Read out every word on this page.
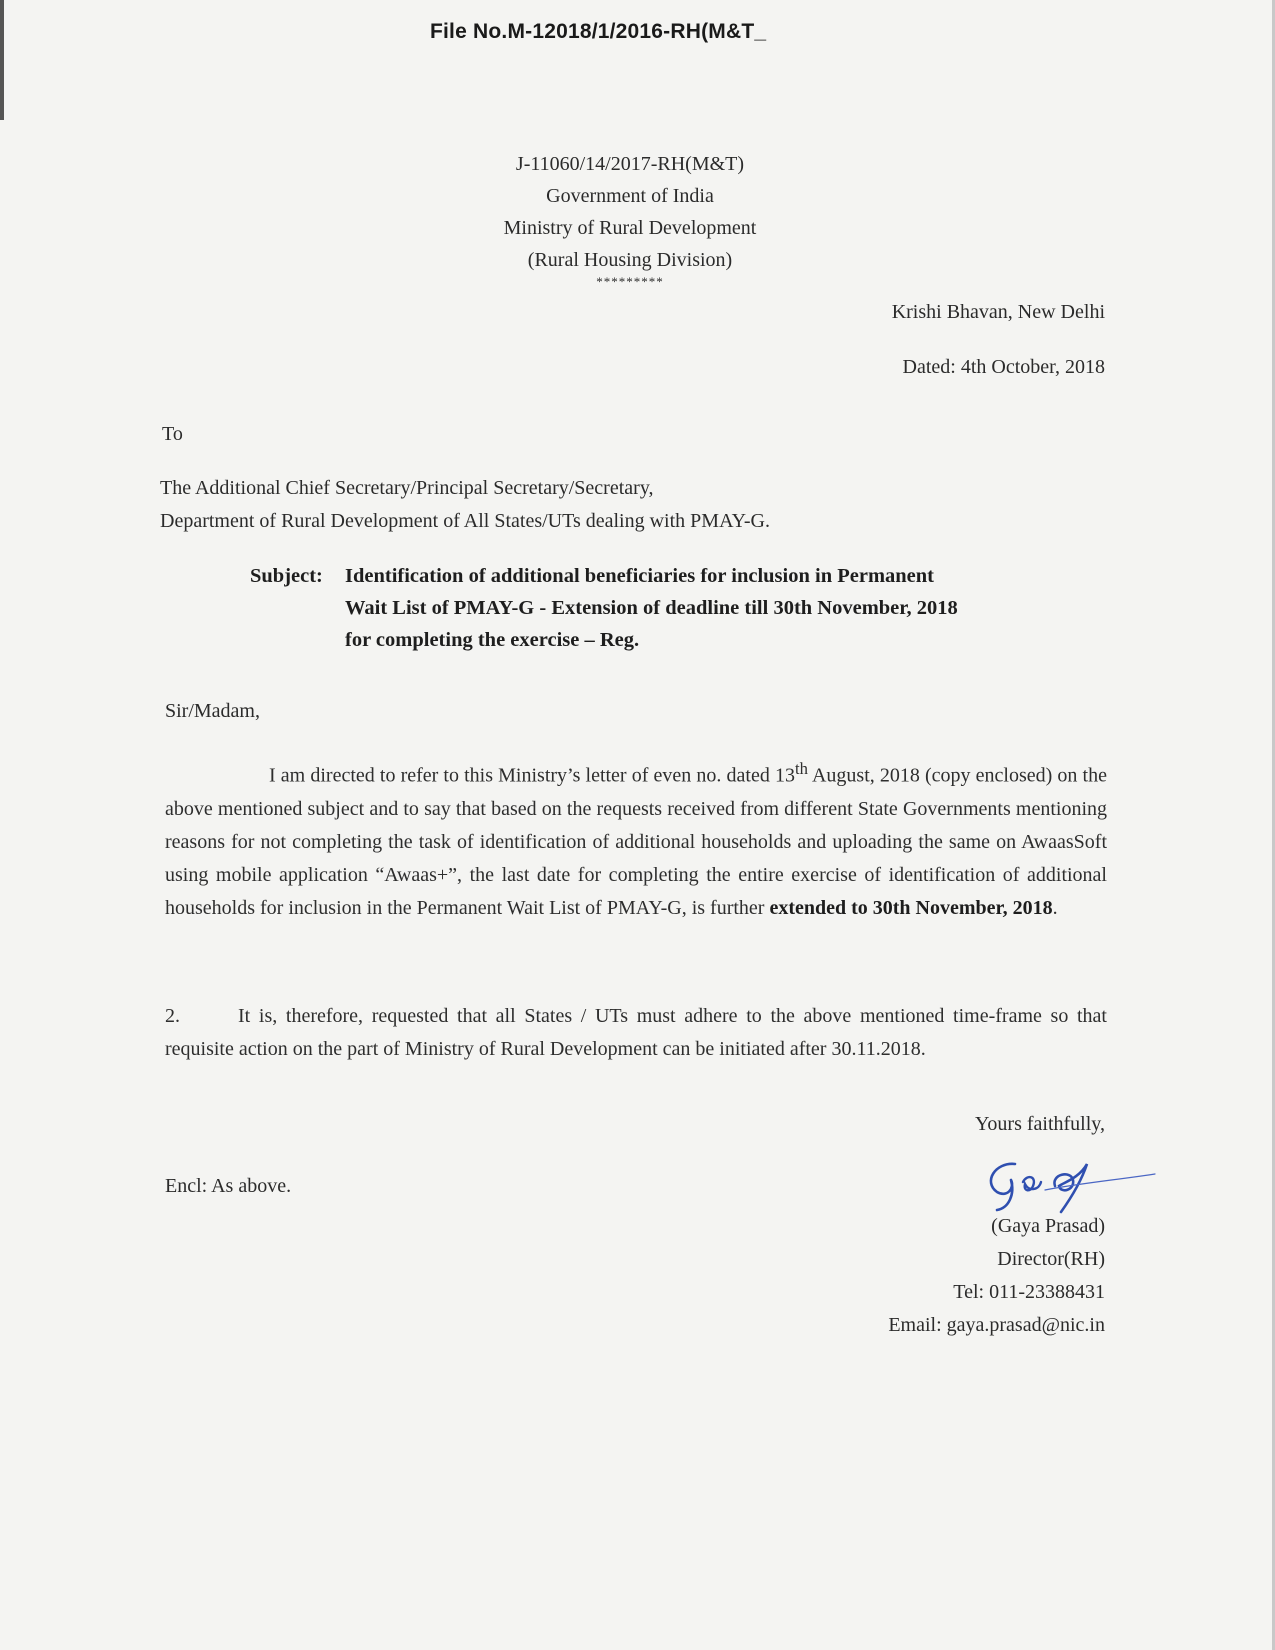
File No.M-12018/1/2016-RH(M&T_
J-11060/14/2017-RH(M&T)
Government of India
Ministry of Rural Development
(Rural Housing Division)
*********
Krishi Bhavan, New Delhi
Dated: 4th October, 2018
To
The Additional Chief Secretary/Principal Secretary/Secretary,
Department of Rural Development of All States/UTs dealing with PMAY-G.
Subject:	Identification of additional beneficiaries for inclusion in Permanent
Wait List of PMAY-G - Extension of deadline till 30th November, 2018
for completing the exercise – Reg.
Sir/Madam,
I am directed to refer to this Ministry’s letter of even no. dated 13th August, 2018 (copy enclosed) on the above mentioned subject and to say that based on the requests received from different State Governments mentioning reasons for not completing the task of identification of additional households and uploading the same on AwaasSoft using mobile application “Awaas+”, the last date for completing the entire exercise of identification of additional households for inclusion in the Permanent Wait List of PMAY-G, is further extended to 30th November, 2018.
2.	It is, therefore, requested that all States / UTs must adhere to the above mentioned time-frame so that requisite action on the part of Ministry of Rural Development can be initiated after 30.11.2018.
Yours faithfully,
Encl: As above.
(Gaya Prasad)
Director(RH)
Tel: 011-23388431
Email: gaya.prasad@nic.in
